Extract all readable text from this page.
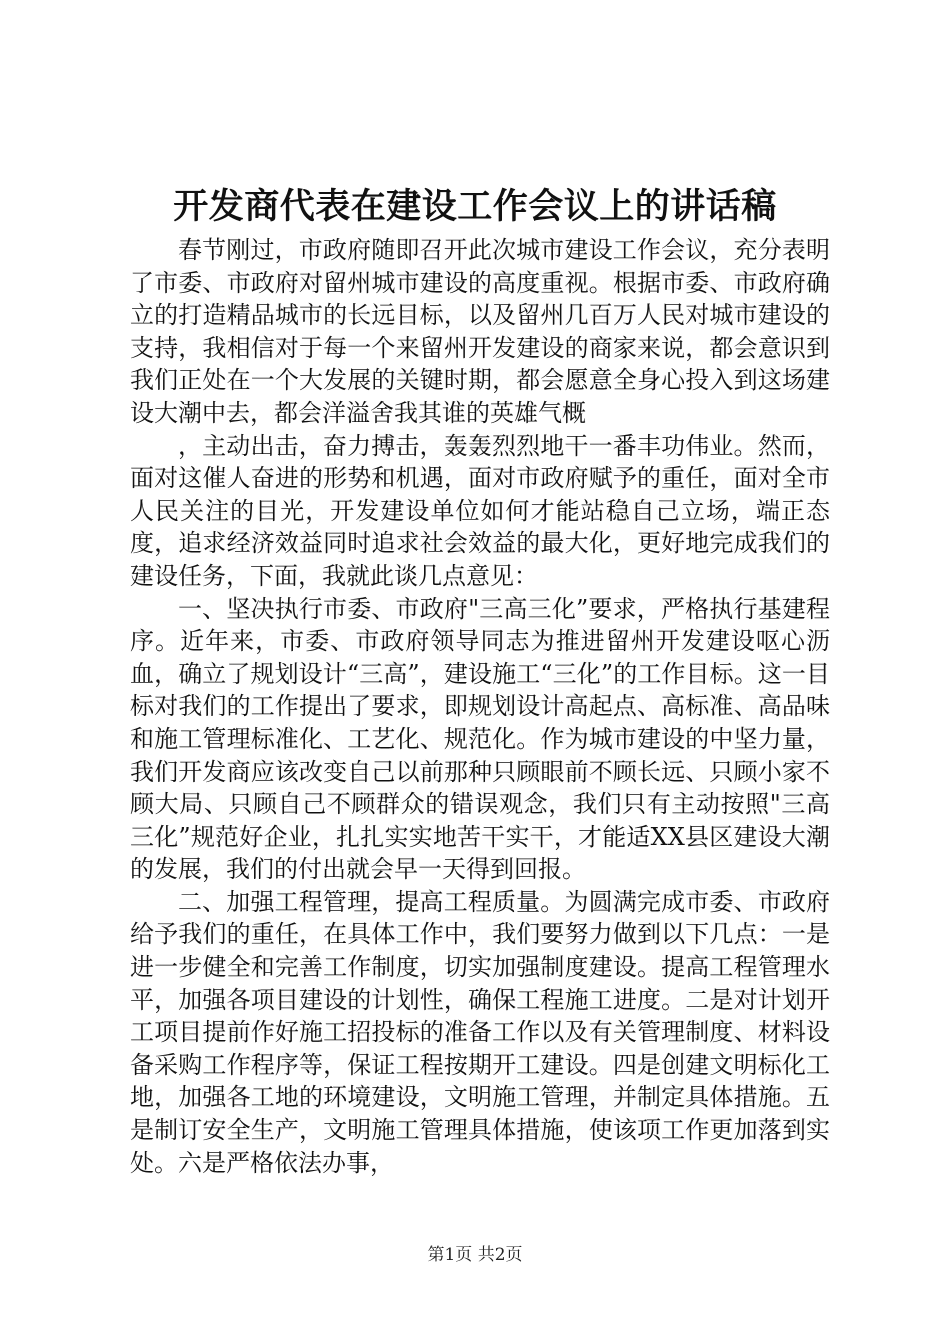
开发商代表在建设工作会议上的讲话稿

春节刚过，市政府随即召开此次城市建设工作会议，充分表明了市委、市政府对留州城市建设的高度重视。根据市委、市政府确立的打造精品城市的长远目标，以及留州几百万人民对城市建设的支持，我相信对于每一个来留州开发建设的商家来说，都会意识到我们正处在一个大发展的关键时期，都会愿意全身心投入到这场建设大潮中去，都会洋溢舍我其谁的英雄气概

，主动出击，奋力搏击，轰轰烈烈地干一番丰功伟业。然而，面对这催人奋进的形势和机遇，面对市政府赋予的重任，面对全市人民关注的目光，开发建设单位如何才能站稳自己立场，端正态度，追求经济效益同时追求社会效益的最大化，更好地完成我们的建设任务，下面，我就此谈几点意见：

一、坚决执行市委、市政府"三高三化”要求，严格执行基建程序。近年来，市委、市政府领导同志为推进留州开发建设呕心沥血，确立了规划设计“三高”，建设施工“三化”的工作目标。这一目标对我们的工作提出了要求，即规划设计高起点、高标准、高品味和施工管理标准化、工艺化、规范化。作为城市建设的中坚力量，我们开发商应该改变自己以前那种只顾眼前不顾长远、只顾小家不顾大局、只顾自己不顾群众的错误观念，我们只有主动按照"三高三化”规范好企业，扎扎实实地苦干实干，才能适XX县区建设大潮的发展，我们的付出就会早一天得到回报。

二、加强工程管理，提高工程质量。为圆满完成市委、市政府给予我们的重任，在具体工作中，我们要努力做到以下几点：一是进一步健全和完善工作制度，切实加强制度建设。提高工程管理水平，加强各项目建设的计划性，确保工程施工进度。二是对计划开工项目提前作好施工招投标的准备工作以及有关管理制度、材料设备采购工作程序等，保证工程按期开工建设。四是创建文明标化工地，加强各工地的环境建设，文明施工管理，并制定具体措施。五是制订安全生产，文明施工管理具体措施，使该项工作更加落到实处。六是严格依法办事，

第1页 共2页
